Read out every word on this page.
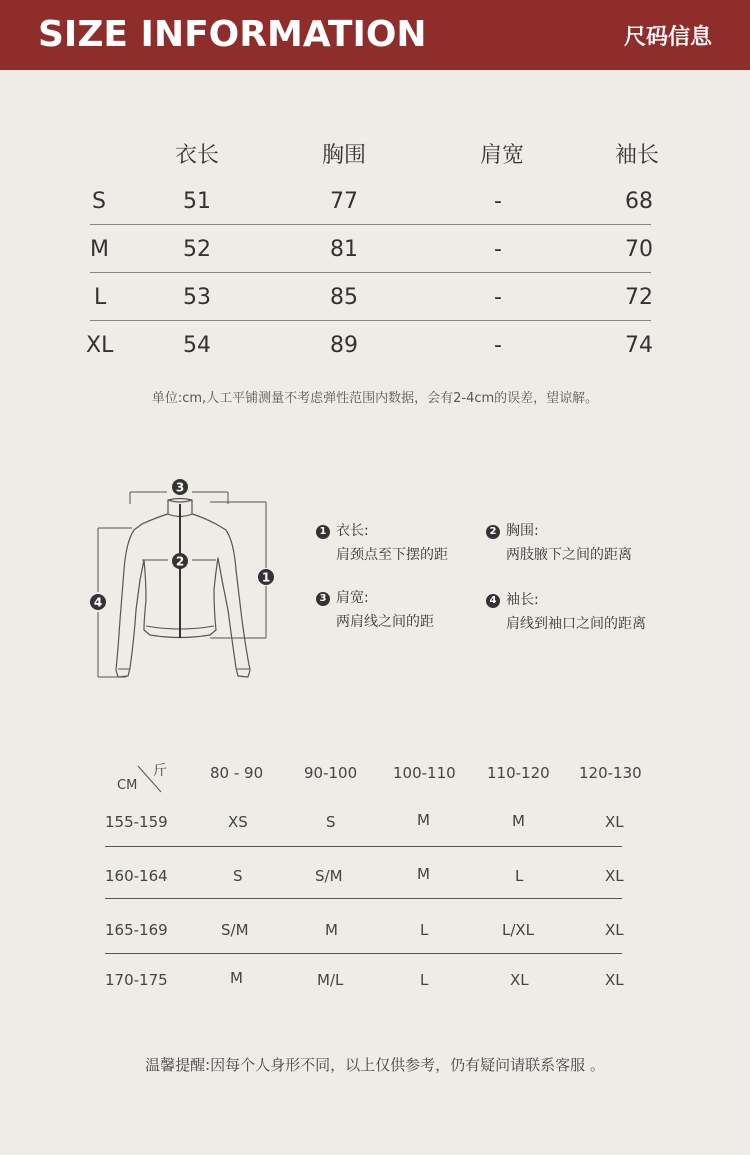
SIZE INFORMATION	尺码信息
衣长	胸围	肩宽	袖长
S	51	77	-	68
M	52	81	-	70
L	53	85	-	72
XL	54	89	-	74
单位:cm,人工平铺测量不考虑弹性范围内数据，会有2-4cm的误差，望谅解。
3
2
1
4
1 衣长:
肩颈点至下摆的距
2 胸围:
两肢腋下之间的距离
3 肩宽:
两肩线之间的距
4 袖长:
肩线到袖口之间的距离
斤
CM
80 - 90	90-100 100-110 110-120 120-130
155-159	XS	S	M	M	XL
160-164	S	S/M	M	L	XL
165-169	S/M	M	L	L/XL	XL
170-175	M	M/L	L	XL	XL
温馨提醒:因每个人身形不同，以上仅供参考，仍有疑问请联系客服 。
